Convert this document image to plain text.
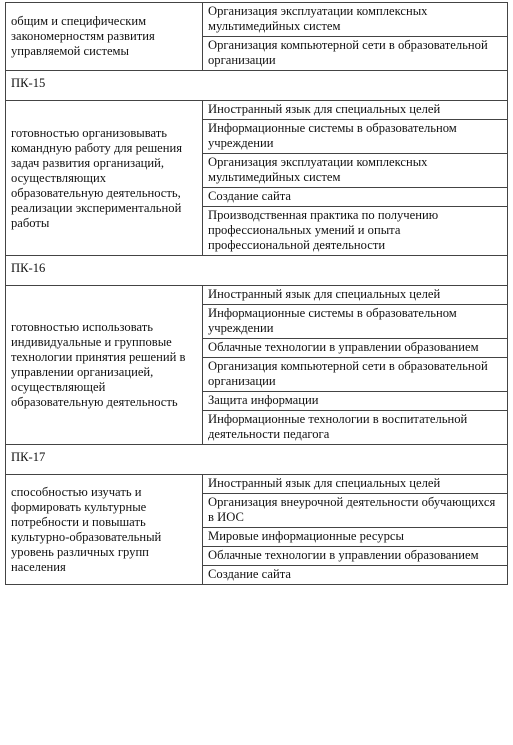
общим и специфическим закономерностям развития управляемой системы	Организация эксплуатации комплексных мультимедийных систем
	Организация компьютерной сети в образовательной организации
ПК-15	
готовностью организовывать командную работу для решения задач развития организаций, осуществляющих образовательную деятельность, реализации экспериментальной работы	Иностранный язык для специальных целей
	Информационные системы в образовательном учреждении
	Организация эксплуатации комплексных мультимедийных систем
	Создание сайта
	Производственная практика по получению профессиональных умений и опыта профессиональной деятельности
ПК-16	
готовностью использовать индивидуальные и групповые технологии принятия решений в управлении организацией, осуществляющей образовательную деятельность	Иностранный язык для специальных целей
	Информационные системы в образовательном учреждении
	Облачные технологии в управлении образованием
	Организация компьютерной сети в образовательной организации
	Защита информации
	Информационные технологии в воспитательной деятельности педагога
ПК-17	
способностью изучать и формировать культурные потребности и повышать культурно-образовательный уровень различных групп населения	Иностранный язык для специальных целей
	Организация внеурочной деятельности обучающихся в ИОС
	Мировые информационные ресурсы
	Облачные технологии в управлении образованием
	Создание сайта
